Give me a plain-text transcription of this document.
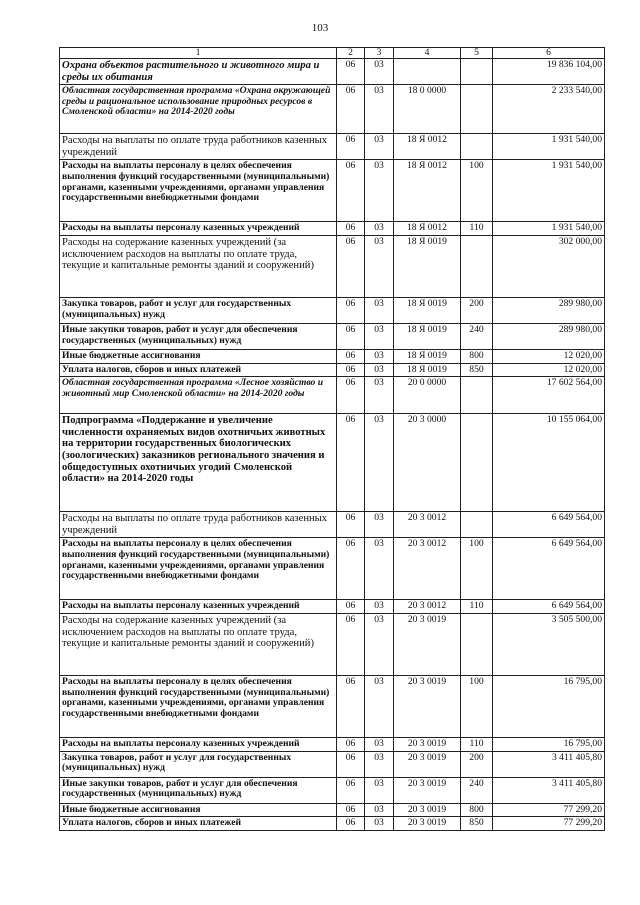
103
1	2	3	4	5	6
Охрана объектов растительного и животного мира и среды их обитания	06	03			19 836 104,00
Областная государственная программа «Охрана окружающей среды и рациональное использование природных ресурсов в Смоленской области» на 2014-2020 годы	06	03	18 0 0000		2 233 540,00
Расходы на выплаты по оплате труда работников казенных учреждений	06	03	18 Я 0012		1 931 540,00
Расходы на выплаты персоналу в целях обеспечения выполнения функций государственными (муниципальными) органами, казенными учреждениями, органами управления государственными внебюджетными фондами	06	03	18 Я 0012	100	1 931 540,00
Расходы на выплаты персоналу казенных учреждений	06	03	18 Я 0012	110	1 931 540,00
Расходы на содержание казенных учреждений (за исключением расходов на выплаты по оплате труда, текущие и капитальные ремонты зданий и сооружений)	06	03	18 Я 0019		302 000,00
Закупка товаров, работ и услуг для государственных (муниципальных) нужд	06	03	18 Я 0019	200	289 980,00
Иные закупки товаров, работ и услуг для обеспечения государственных (муниципальных) нужд	06	03	18 Я 0019	240	289 980,00
Иные бюджетные ассигнования	06	03	18 Я 0019	800	12 020,00
Уплата налогов, сборов и иных платежей	06	03	18 Я 0019	850	12 020,00
Областная государственная программа «Лесное хозяйство и животный мир Смоленской области» на 2014-2020 годы	06	03	20 0 0000		17 602 564,00
Подпрограмма «Поддержание и увеличение численности охраняемых видов охотничьих животных на территории государственных биологических (зоологических) заказников регионального значения и общедоступных охотничьих угодий Смоленской области» на 2014-2020 годы	06	03	20 3 0000		10 155 064,00
Расходы на выплаты по оплате труда работников казенных учреждений	06	03	20 3 0012		6 649 564,00
Расходы на выплаты персоналу в целях обеспечения выполнения функций государственными (муниципальными) органами, казенными учреждениями, органами управления государственными внебюджетными фондами	06	03	20 3 0012	100	6 649 564,00
Расходы на выплаты персоналу казенных учреждений	06	03	20 3 0012	110	6 649 564,00
Расходы на содержание казенных учреждений (за исключением расходов на выплаты по оплате труда, текущие и капитальные ремонты зданий и сооружений)	06	03	20 3 0019		3 505 500,00
Расходы на выплаты персоналу в целях обеспечения выполнения функций государственными (муниципальными) органами, казенными учреждениями, органами управления государственными внебюджетными фондами	06	03	20 3 0019	100	16 795,00
Расходы на выплаты персоналу казенных учреждений	06	03	20 3 0019	110	16 795,00
Закупка товаров, работ и услуг для государственных (муниципальных) нужд	06	03	20 3 0019	200	3 411 405,80
Иные закупки товаров, работ и услуг для обеспечения государственных (муниципальных) нужд	06	03	20 3 0019	240	3 411 405,80
Иные бюджетные ассигнования	06	03	20 3 0019	800	77 299,20
Уплата налогов, сборов и иных платежей	06	03	20 3 0019	850	77 299,20
